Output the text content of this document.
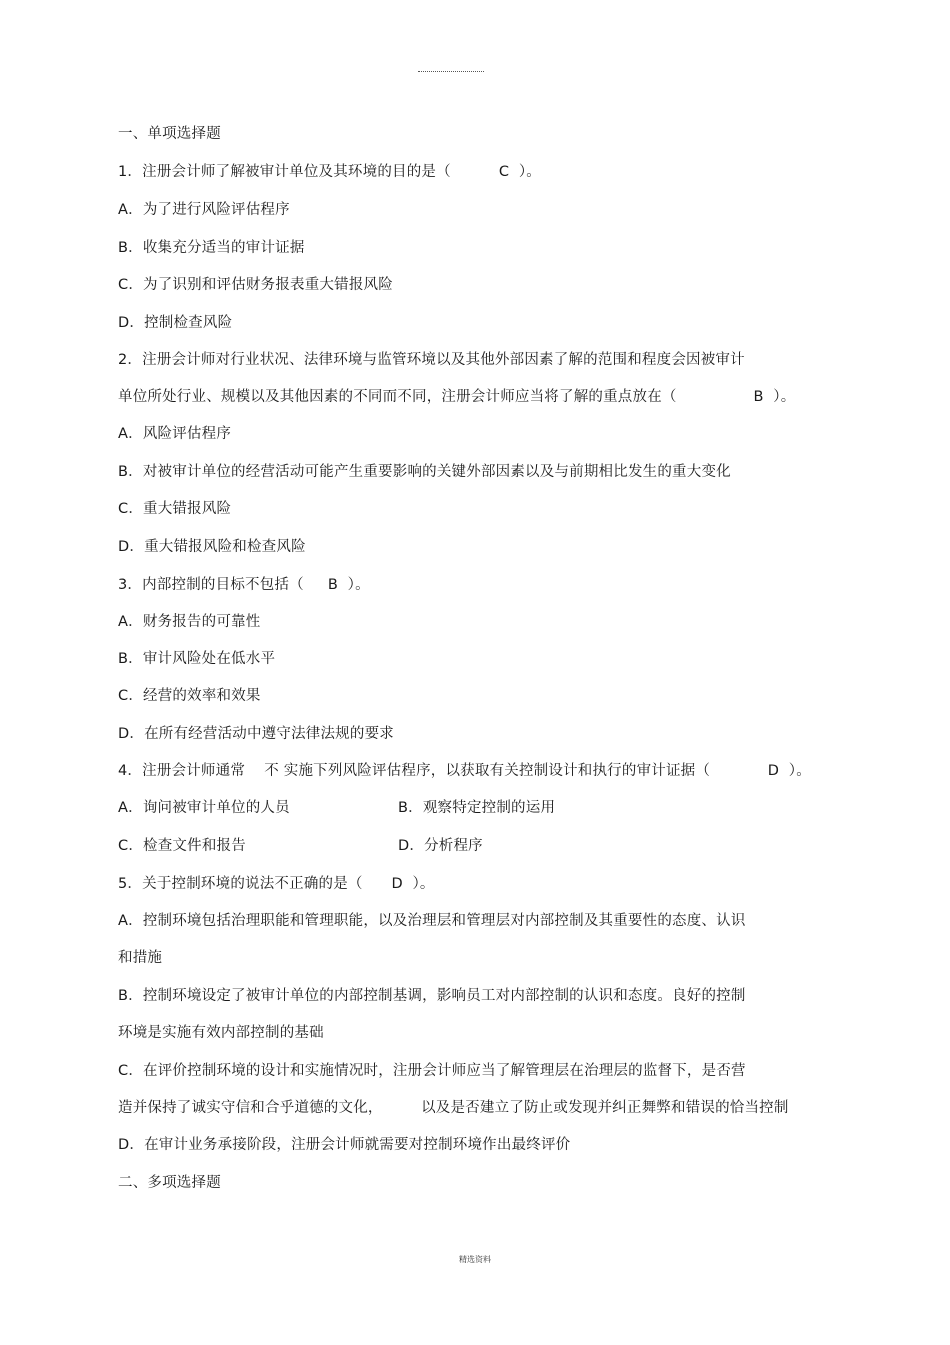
一、单项选择题
1．注册会计师了解被审计单位及其环境的目的是（          C  ）。
A．为了进行风险评估程序
B．收集充分适当的审计证据
C．为了识别和评估财务报表重大错报风险
D．控制检查风险
2．注册会计师对行业状况、法律环境与监管环境以及其他外部因素了解的范围和程度会因被审计
单位所处行业、规模以及其他因素的不同而不同，注册会计师应当将了解的重点放在（                B  ）。
A．风险评估程序
B．对被审计单位的经营活动可能产生重要影响的关键外部因素以及与前期相比发生的重大变化
C．重大错报风险
D．重大错报风险和检查风险
3．内部控制的目标不包括（     B  ）。
A．财务报告的可靠性
B．审计风险处在低水平
C．经营的效率和效果
D．在所有经营活动中遵守法律法规的要求
4．注册会计师通常    不 实施下列风险评估程序，以获取有关控制设计和执行的审计证据（            D  ）。
A．询问被审计单位的人员	B．观察特定控制的运用
C．检查文件和报告	D．分析程序
5．关于控制环境的说法不正确的是（      D  ）。
A．控制环境包括治理职能和管理职能，以及治理层和管理层对内部控制及其重要性的态度、认识
和措施
B．控制环境设定了被审计单位的内部控制基调，影响员工对内部控制的认识和态度。良好的控制
环境是实施有效内部控制的基础
C．在评价控制环境的设计和实施情况时，注册会计师应当了解管理层在治理层的监督下，是否营
造并保持了诚实守信和合乎道德的文化，        以及是否建立了防止或发现并纠正舞弊和错误的恰当控制
D．在审计业务承接阶段，注册会计师就需要对控制环境作出最终评价
二、多项选择题
精选资料
